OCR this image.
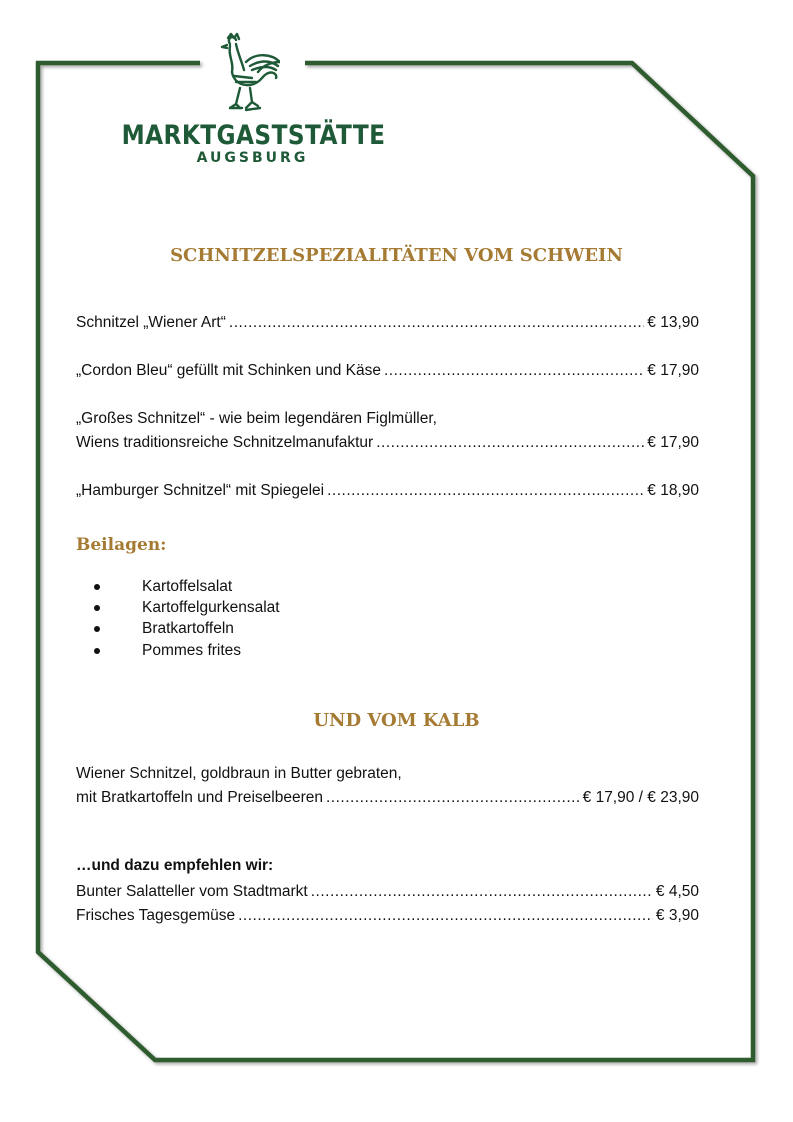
MARKTGASTSTÄTTE
AUGSBURG
SCHNITZELSPEZIALITÄTEN VOM SCHWEIN
Schnitzel „Wiener Art“ .....	€ 13,90
„Cordon Bleu“ gefüllt mit Schinken und Käse .....	€ 17,90
„Großes Schnitzel“ - wie beim legendären Figlmüller,
Wiens traditionsreiche Schnitzelmanufaktur .....	€ 17,90
„Hamburger Schnitzel“ mit Spiegelei .....	€ 18,90
Beilagen:
Kartoffelsalat
Kartoffelgurkensalat
Bratkartoffeln
Pommes frites
UND VOM KALB
Wiener Schnitzel, goldbraun in Butter gebraten,
mit Bratkartoffeln und Preiselbeeren .....	€ 17,90 / € 23,90
…und dazu empfehlen wir:
Bunter Salatteller vom Stadtmarkt .....	€ 4,50
Frisches Tagesgemüse .....	€ 3,90
